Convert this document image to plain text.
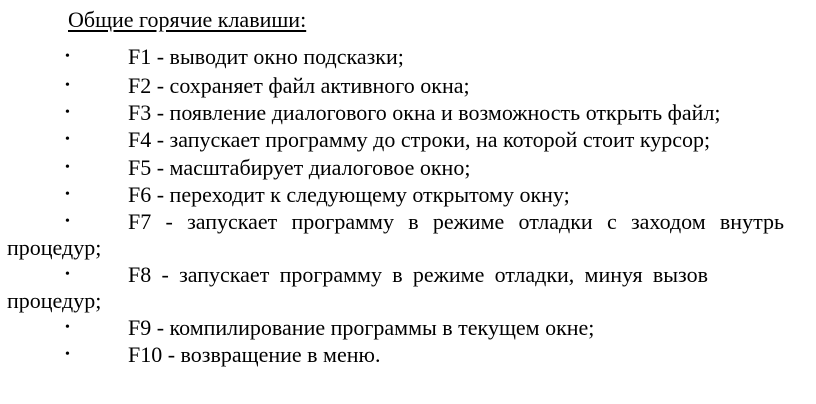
Общие горячие клавиши:
•	F1 - выводит окно подсказки;
•	F2 - сохраняет файл активного окна;
•	F3 - появление диалогового окна и возможность открыть файл;
•	F4 - запускает программу до строки, на которой стоит курсор;
•	F5 - масштабирует диалоговое окно;
•	F6 - переходит к следующему открытому окну;
•	F7 - запускает программу в режиме отладки с заходом внутрь
процедур;
•	F8 - запускает программу в режиме отладки, минуя вызов
процедур;
•	F9 - компилирование программы в текущем окне;
•	F10 - возвращение в меню.
